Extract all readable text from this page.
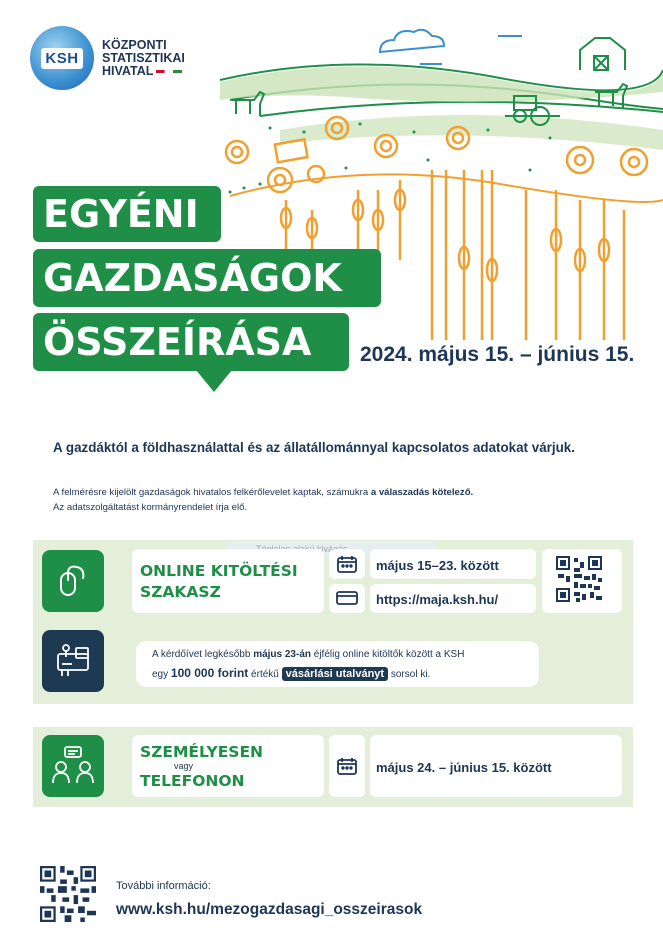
KSH
KÖZPONTI
STATISZTIKAI
HIVATAL
EGYÉNI
GAZDASÁGOK
ÖSSZEÍRÁSA	2024. május 15. – június 15.
A gazdáktól a földhasználattal és az állatállománnyal kapcsolatos adatokat várjuk.
A felmérésre kijelölt gazdaságok hivatalos felkérőlevelet kaptak, számukra a válaszadás kötelező.
Az adatszolgáltatást kormányrendelet írja elő.
ONLINE KITÖLTÉSI
SZAKASZ
május 15–23. között
https://maja.ksh.hu/
A kérdőívet legkésőbb május 23-án éjfélig online kitöltők között a KSH
egy 100 000 forint értékű vásárlási utalványt sorsol ki.
SZEMÉLYESEN
vagy
TELEFONON
május 24. – június 15. között
További információ:
www.ksh.hu/mezogazdasagi_osszeirasok
